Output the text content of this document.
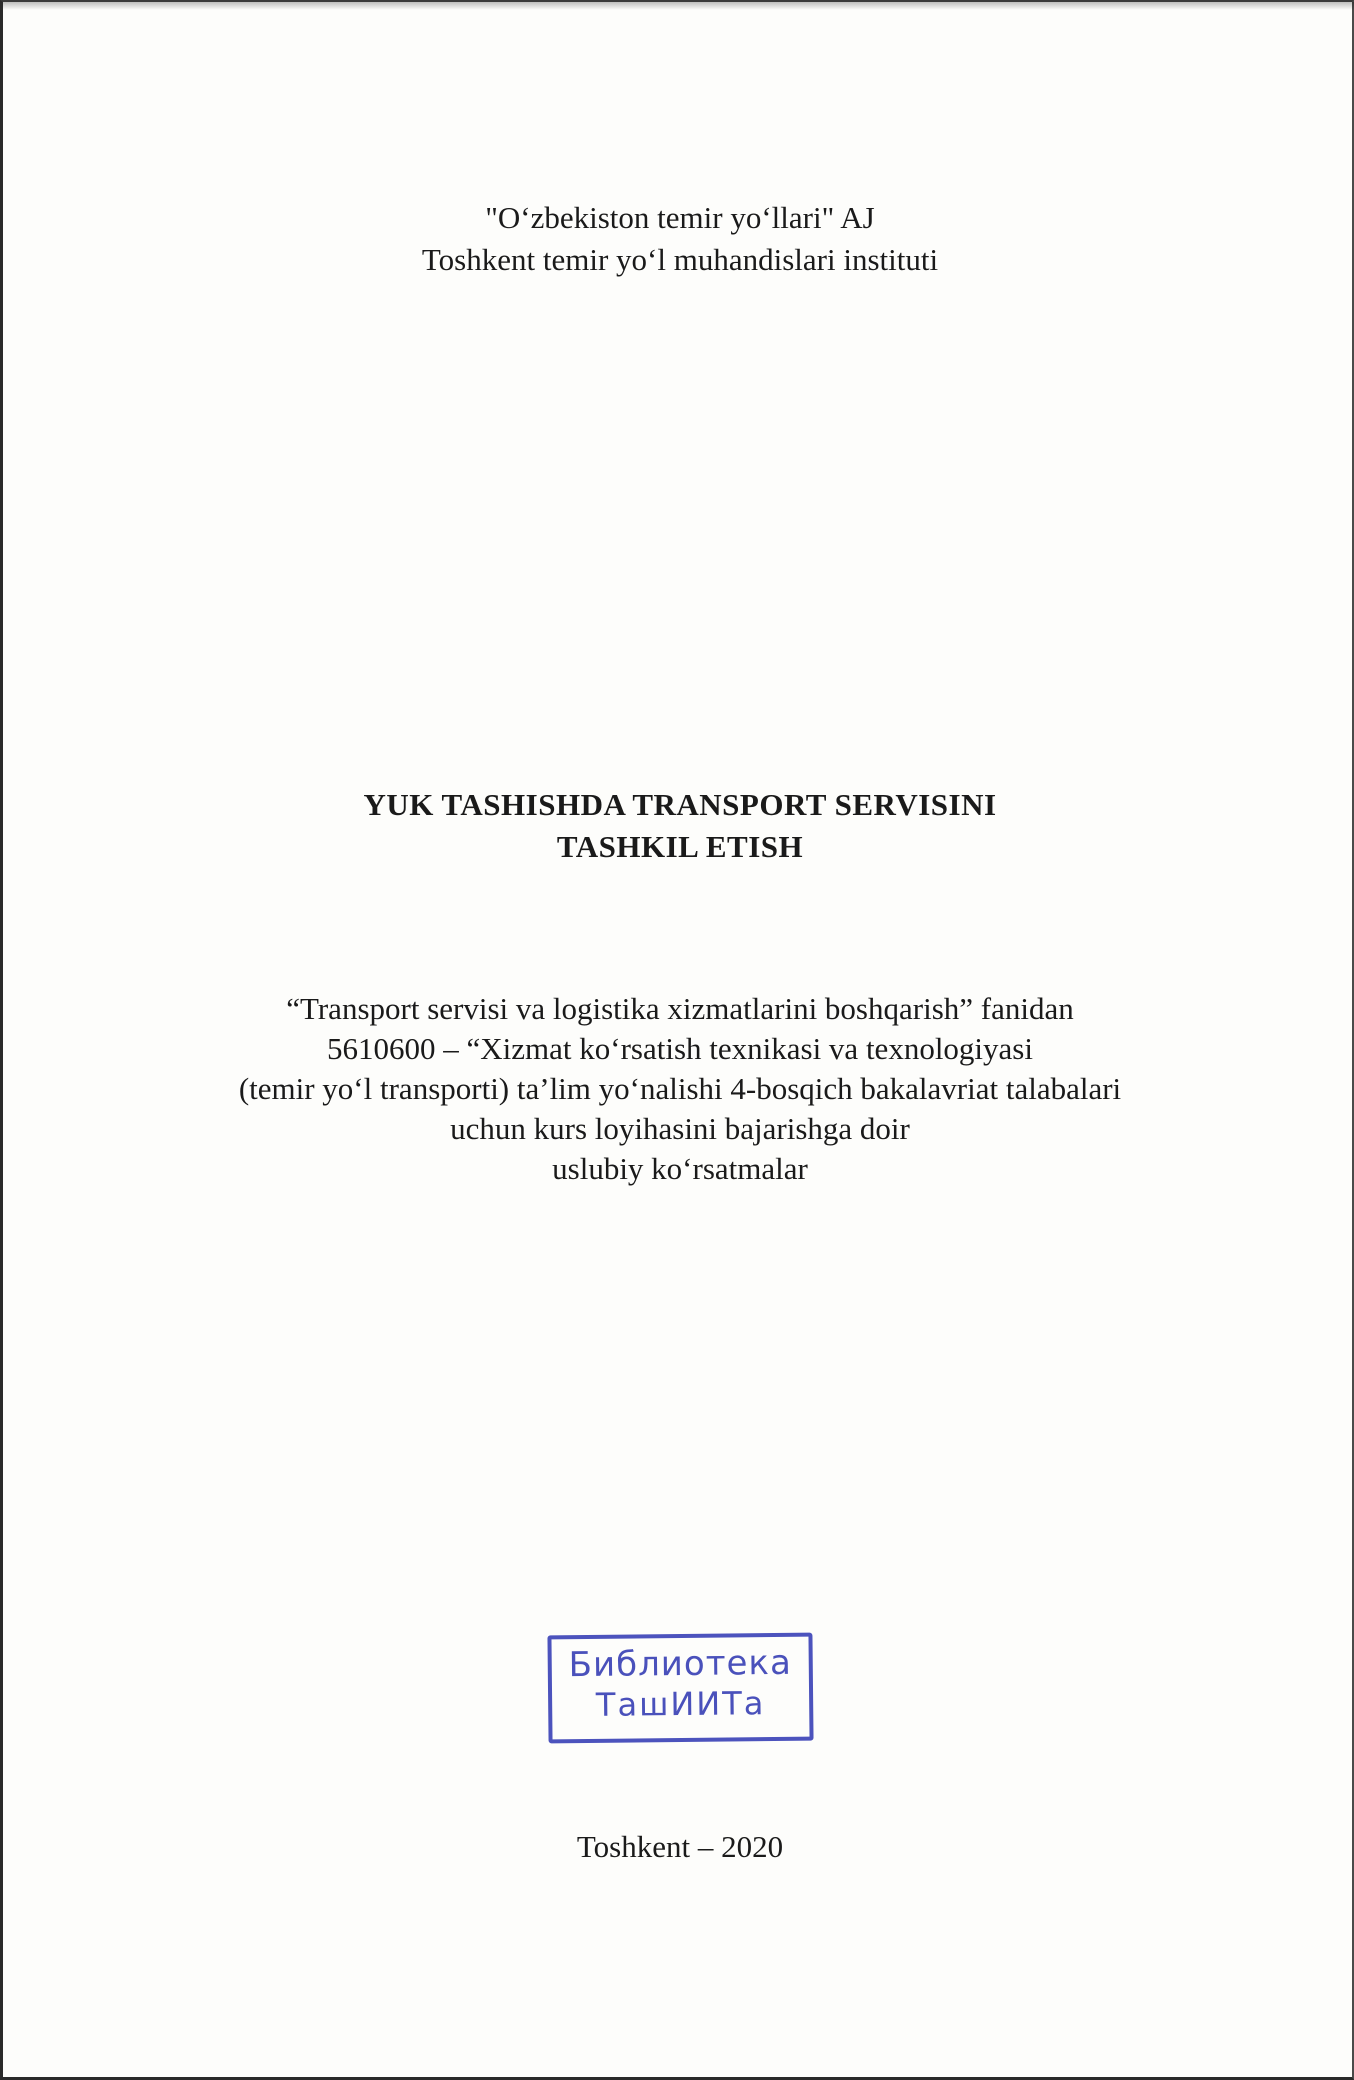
"O‘zbekiston temir yo‘llari" AJ
Toshkent temir yo‘l muhandislari instituti
YUK TASHISHDA TRANSPORT SERVISINI
TASHKIL ETISH
“Transport servisi va logistika xizmatlarini boshqarish” fanidan
5610600 – “Xizmat ko‘rsatish texnikasi va texnologiyasi
(temir yo‘l transporti) ta’lim yo‘nalishi 4-bosqich bakalavriat talabalari
uchun kurs loyihasini bajarishga doir
uslubiy ko‘rsatmalar
Библиотека
ТашИИТа
Toshkent – 2020
